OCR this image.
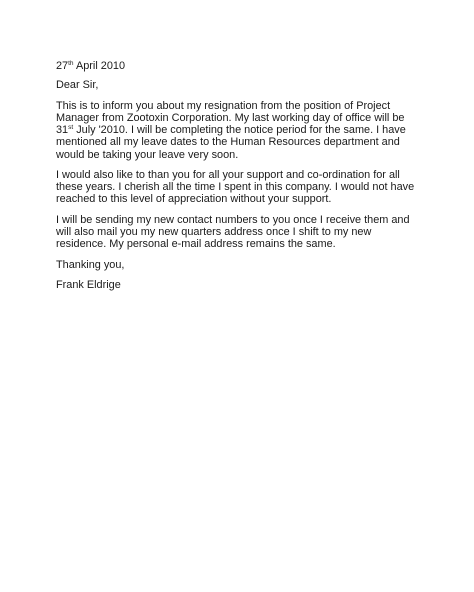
27th April 2010
Dear Sir,
This is to inform you about my resignation from the position of Project
Manager from Zootoxin Corporation. My last working day of office will be
31st July '2010. I will be completing the notice period for the same. I have
mentioned all my leave dates to the Human Resources department and
would be taking your leave very soon.
I would also like to than you for all your support and co-ordination for all
these years. I cherish all the time I spent in this company. I would not have
reached to this level of appreciation without your support.
I will be sending my new contact numbers to you once I receive them and
will also mail you my new quarters address once I shift to my new
residence. My personal e-mail address remains the same.
Thanking you,
Frank Eldrige
